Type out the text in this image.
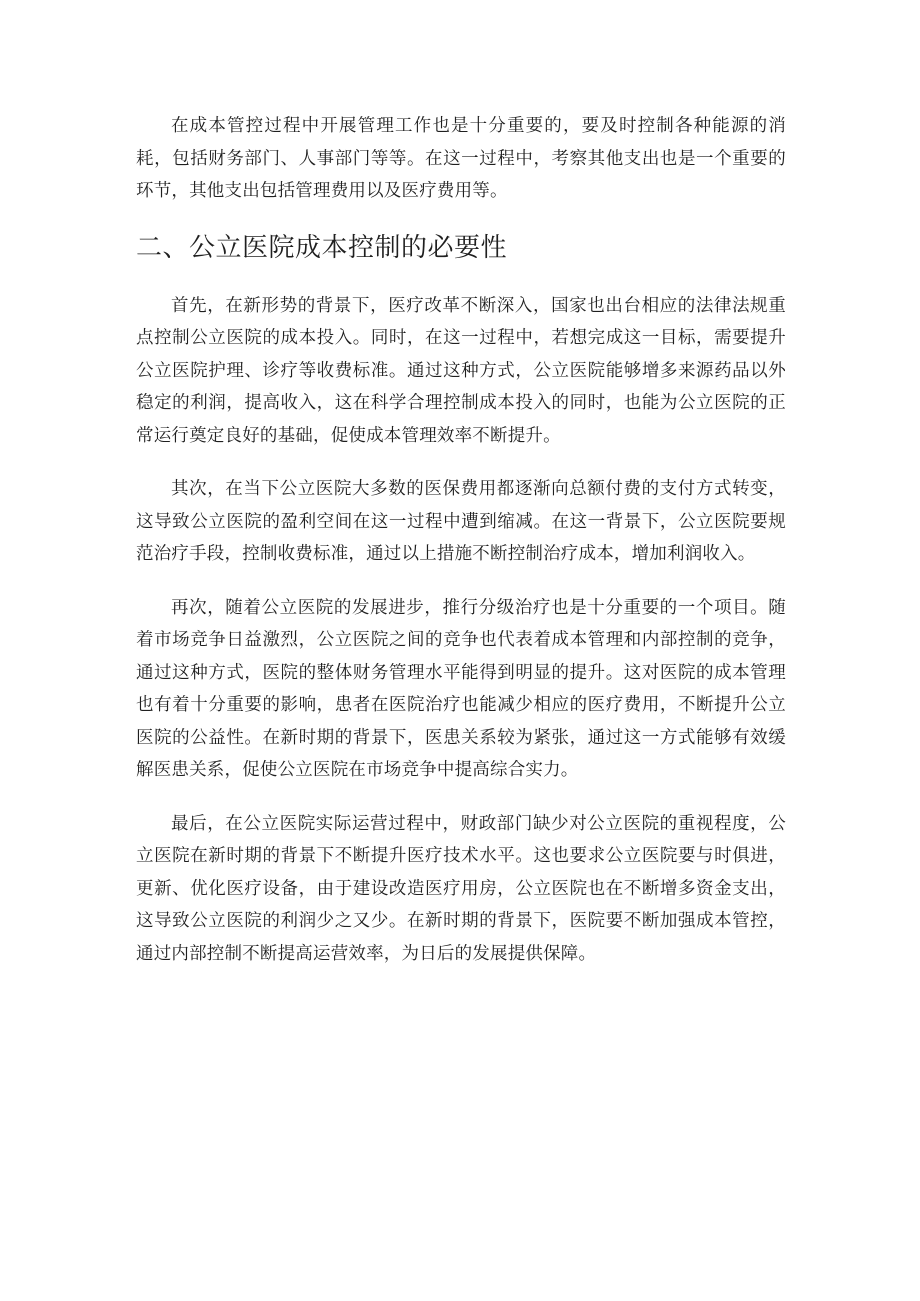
在成本管控过程中开展管理工作也是十分重要的，要及时控制各种能源的消耗，包括财务部门、人事部门等等。在这一过程中，考察其他支出也是一个重要的环节，其他支出包括管理费用以及医疗费用等。

二、公立医院成本控制的必要性

首先，在新形势的背景下，医疗改革不断深入，国家也出台相应的法律法规重点控制公立医院的成本投入。同时，在这一过程中，若想完成这一目标，需要提升公立医院护理、诊疗等收费标准。通过这种方式，公立医院能够增多来源药品以外稳定的利润，提高收入，这在科学合理控制成本投入的同时，也能为公立医院的正常运行奠定良好的基础，促使成本管理效率不断提升。

其次，在当下公立医院大多数的医保费用都逐渐向总额付费的支付方式转变，这导致公立医院的盈利空间在这一过程中遭到缩减。在这一背景下，公立医院要规范治疗手段，控制收费标准，通过以上措施不断控制治疗成本，增加利润收入。

再次，随着公立医院的发展进步，推行分级治疗也是十分重要的一个项目。随着市场竞争日益激烈，公立医院之间的竞争也代表着成本管理和内部控制的竞争，通过这种方式，医院的整体财务管理水平能得到明显的提升。这对医院的成本管理也有着十分重要的影响，患者在医院治疗也能减少相应的医疗费用，不断提升公立医院的公益性。在新时期的背景下，医患关系较为紧张，通过这一方式能够有效缓解医患关系，促使公立医院在市场竞争中提高综合实力。

最后，在公立医院实际运营过程中，财政部门缺少对公立医院的重视程度，公立医院在新时期的背景下不断提升医疗技术水平。这也要求公立医院要与时俱进，更新、优化医疗设备，由于建设改造医疗用房，公立医院也在不断增多资金支出，这导致公立医院的利润少之又少。在新时期的背景下，医院要不断加强成本管控，通过内部控制不断提高运营效率，为日后的发展提供保障。
